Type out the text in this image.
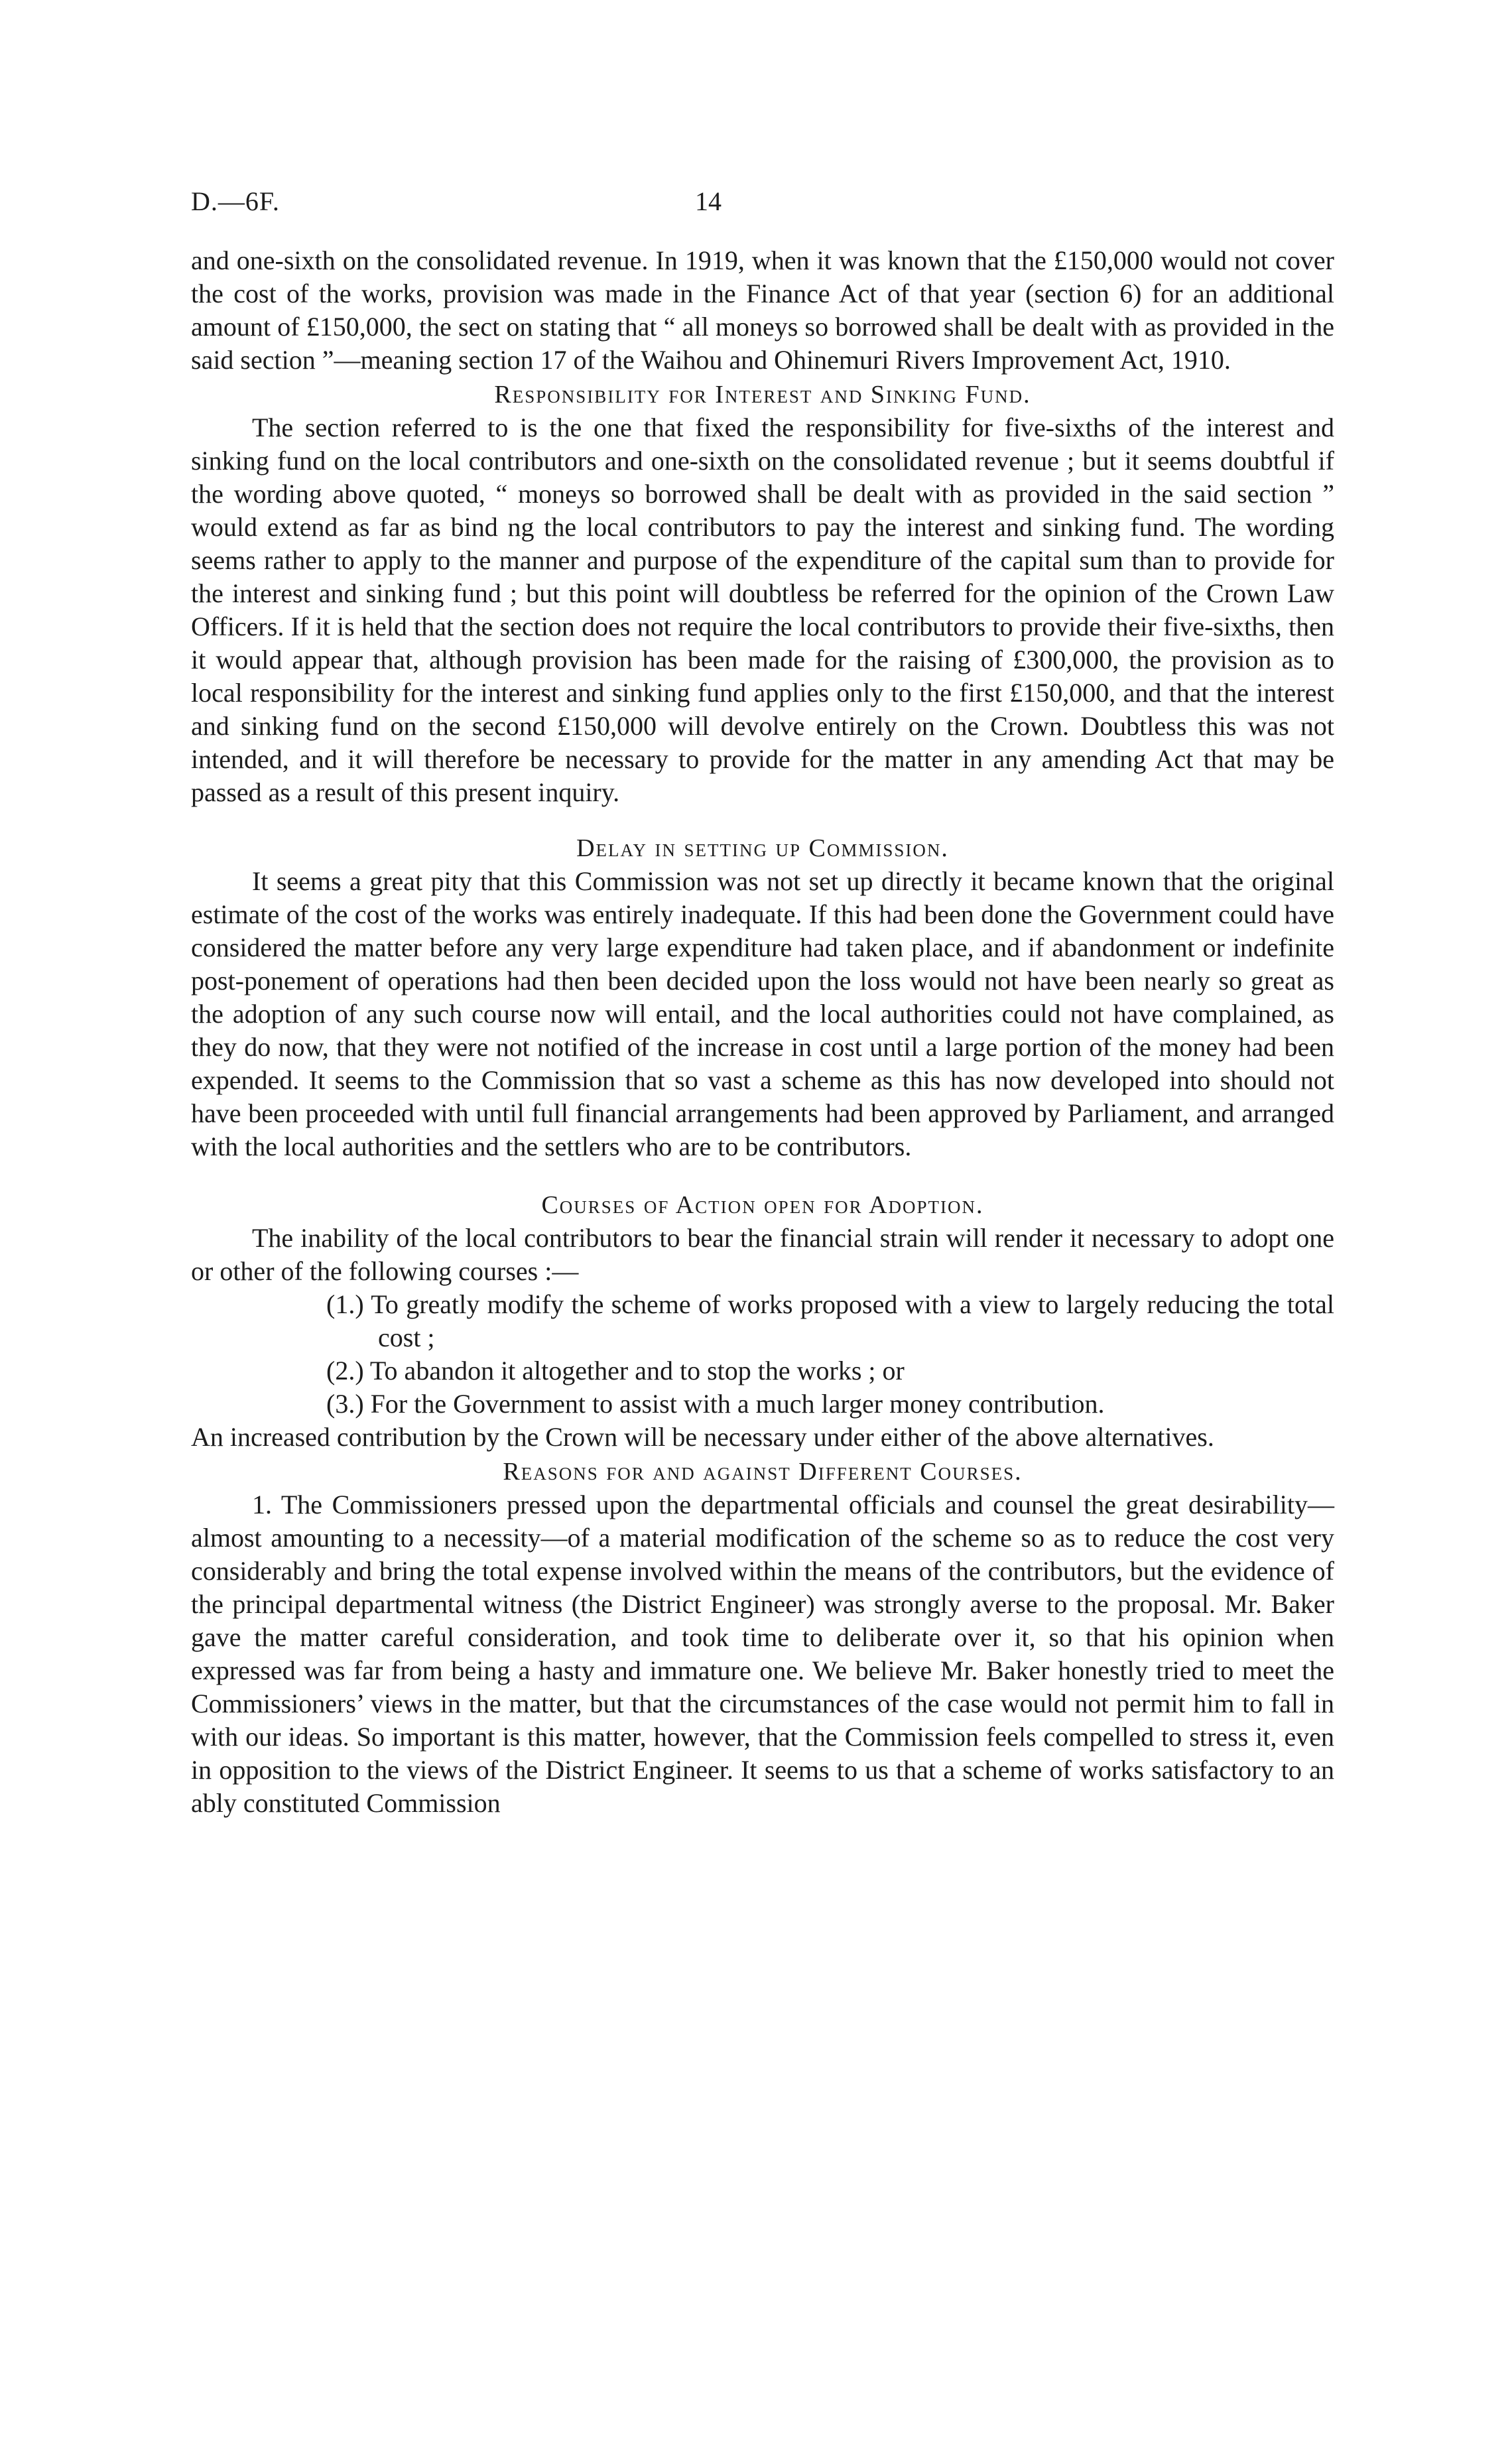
D.—6F.	14

and one-sixth on the consolidated revenue. In 1919, when it was known that the £150,000 would not cover the cost of the works, provision was made in the Finance Act of that year (section 6) for an additional amount of £150,000, the sect on stating that “ all moneys so borrowed shall be dealt with as provided in the said section ”—meaning section 17 of the Waihou and Ohinemuri Rivers Improvement Act, 1910.

Responsibility for Interest and Sinking Fund.

The section referred to is the one that fixed the responsibility for five-sixths of the interest and sinking fund on the local contributors and one-sixth on the consolidated revenue ; but it seems doubtful if the wording above quoted, “ moneys so borrowed shall be dealt with as provided in the said section ” would extend as far as bind ng the local contributors to pay the interest and sinking fund. The wording seems rather to apply to the manner and purpose of the expenditure of the capital sum than to provide for the interest and sinking fund ; but this point will doubtless be referred for the opinion of the Crown Law Officers. If it is held that the section does not require the local contributors to provide their five-sixths, then it would appear that, although provision has been made for the raising of £300,000, the provision as to local responsibility for the interest and sinking fund applies only to the first £150,000, and that the interest and sinking fund on the second £150,000 will devolve entirely on the Crown. Doubtless this was not intended, and it will therefore be necessary to provide for the matter in any amending Act that may be passed as a result of this present inquiry.

Delay in setting up Commission.

It seems a great pity that this Commission was not set up directly it became known that the original estimate of the cost of the works was entirely inadequate. If this had been done the Government could have considered the matter before any very large expenditure had taken place, and if abandonment or indefinite post-ponement of operations had then been decided upon the loss would not have been nearly so great as the adoption of any such course now will entail, and the local authorities could not have complained, as they do now, that they were not notified of the increase in cost until a large portion of the money had been expended. It seems to the Commission that so vast a scheme as this has now developed into should not have been proceeded with until full financial arrangements had been approved by Parliament, and arranged with the local authorities and the settlers who are to be contributors.

Courses of Action open for Adoption.

The inability of the local contributors to bear the financial strain will render it necessary to adopt one or other of the following courses :—

(1.) To greatly modify the scheme of works proposed with a view to largely reducing the total cost ;
(2.) To abandon it altogether and to stop the works ; or
(3.) For the Government to assist with a much larger money contribution.

An increased contribution by the Crown will be necessary under either of the above alternatives.

Reasons for and against Different Courses.

1. The Commissioners pressed upon the departmental officials and counsel the great desirability—almost amounting to a necessity—of a material modification of the scheme so as to reduce the cost very considerably and bring the total expense involved within the means of the contributors, but the evidence of the principal departmental witness (the District Engineer) was strongly averse to the proposal. Mr. Baker gave the matter careful consideration, and took time to deliberate over it, so that his opinion when expressed was far from being a hasty and immature one. We believe Mr. Baker honestly tried to meet the Commissioners’ views in the matter, but that the circumstances of the case would not permit him to fall in with our ideas. So important is this matter, however, that the Commission feels compelled to stress it, even in opposition to the views of the District Engineer. It seems to us that a scheme of works satisfactory to an ably constituted Commission
